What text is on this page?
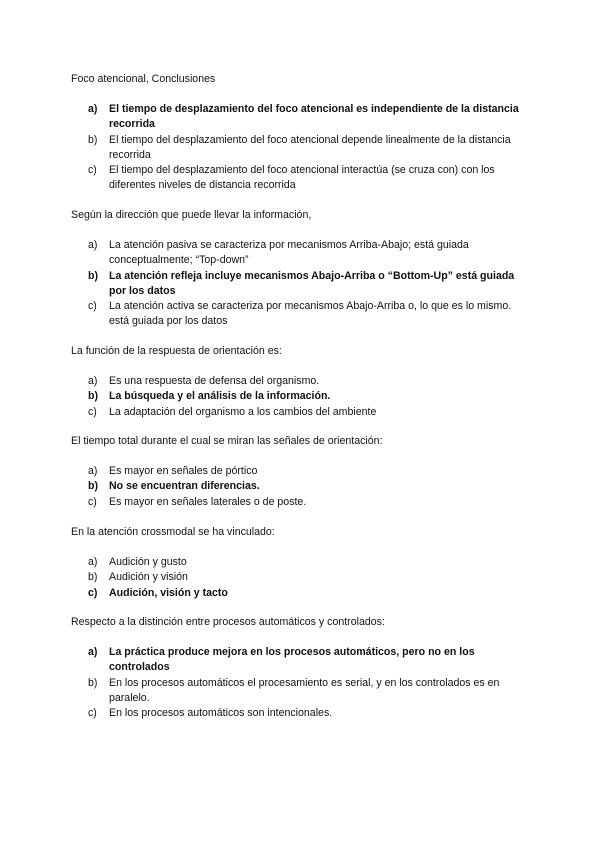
Foco atencional, Conclusiones

a) El tiempo de desplazamiento del foco atencional es independiente de la distancia recorrida
b) El tiempo del desplazamiento del foco atencional depende linealmente de la distancia recorrida
c) El tiempo del desplazamiento del foco atencional interactúa (se cruza con) con los diferentes niveles de distancia recorrida

Según la dirección que puede llevar la información,

a) La atención pasiva se caracteriza por mecanismos Arriba-Abajo; está guiada conceptualmente; “Top-down”
b) La atención refleja incluye mecanismos Abajo-Arriba o “Bottom-Up” está guiada por los datos
c) La atención activa se caracteriza por mecanismos Abajo-Arriba o, lo que es lo mismo. está guiada por los datos

La función de la respuesta de orientación es:

a) Es una respuesta de defensa del organismo.
b) La búsqueda y el análisis de la información.
c) La adaptación del organismo a los cambios del ambiente

El tiempo total durante el cual se miran las señales de orientación:

a) Es mayor en señales de pórtico
b) No se encuentran diferencias.
c) Es mayor en señales laterales o de poste.

En la atención crossmodal se ha vinculado:

a) Audición y gusto
b) Audición y visión
c) Audición, visión y tacto

Respecto a la distinción entre procesos automáticos y controlados:

a) La práctica produce mejora en los procesos automáticos, pero no en los controlados
b) En los procesos automáticos el procesamiento es serial, y en los controlados es en paralelo.
c) En los procesos automáticos son intencionales.
